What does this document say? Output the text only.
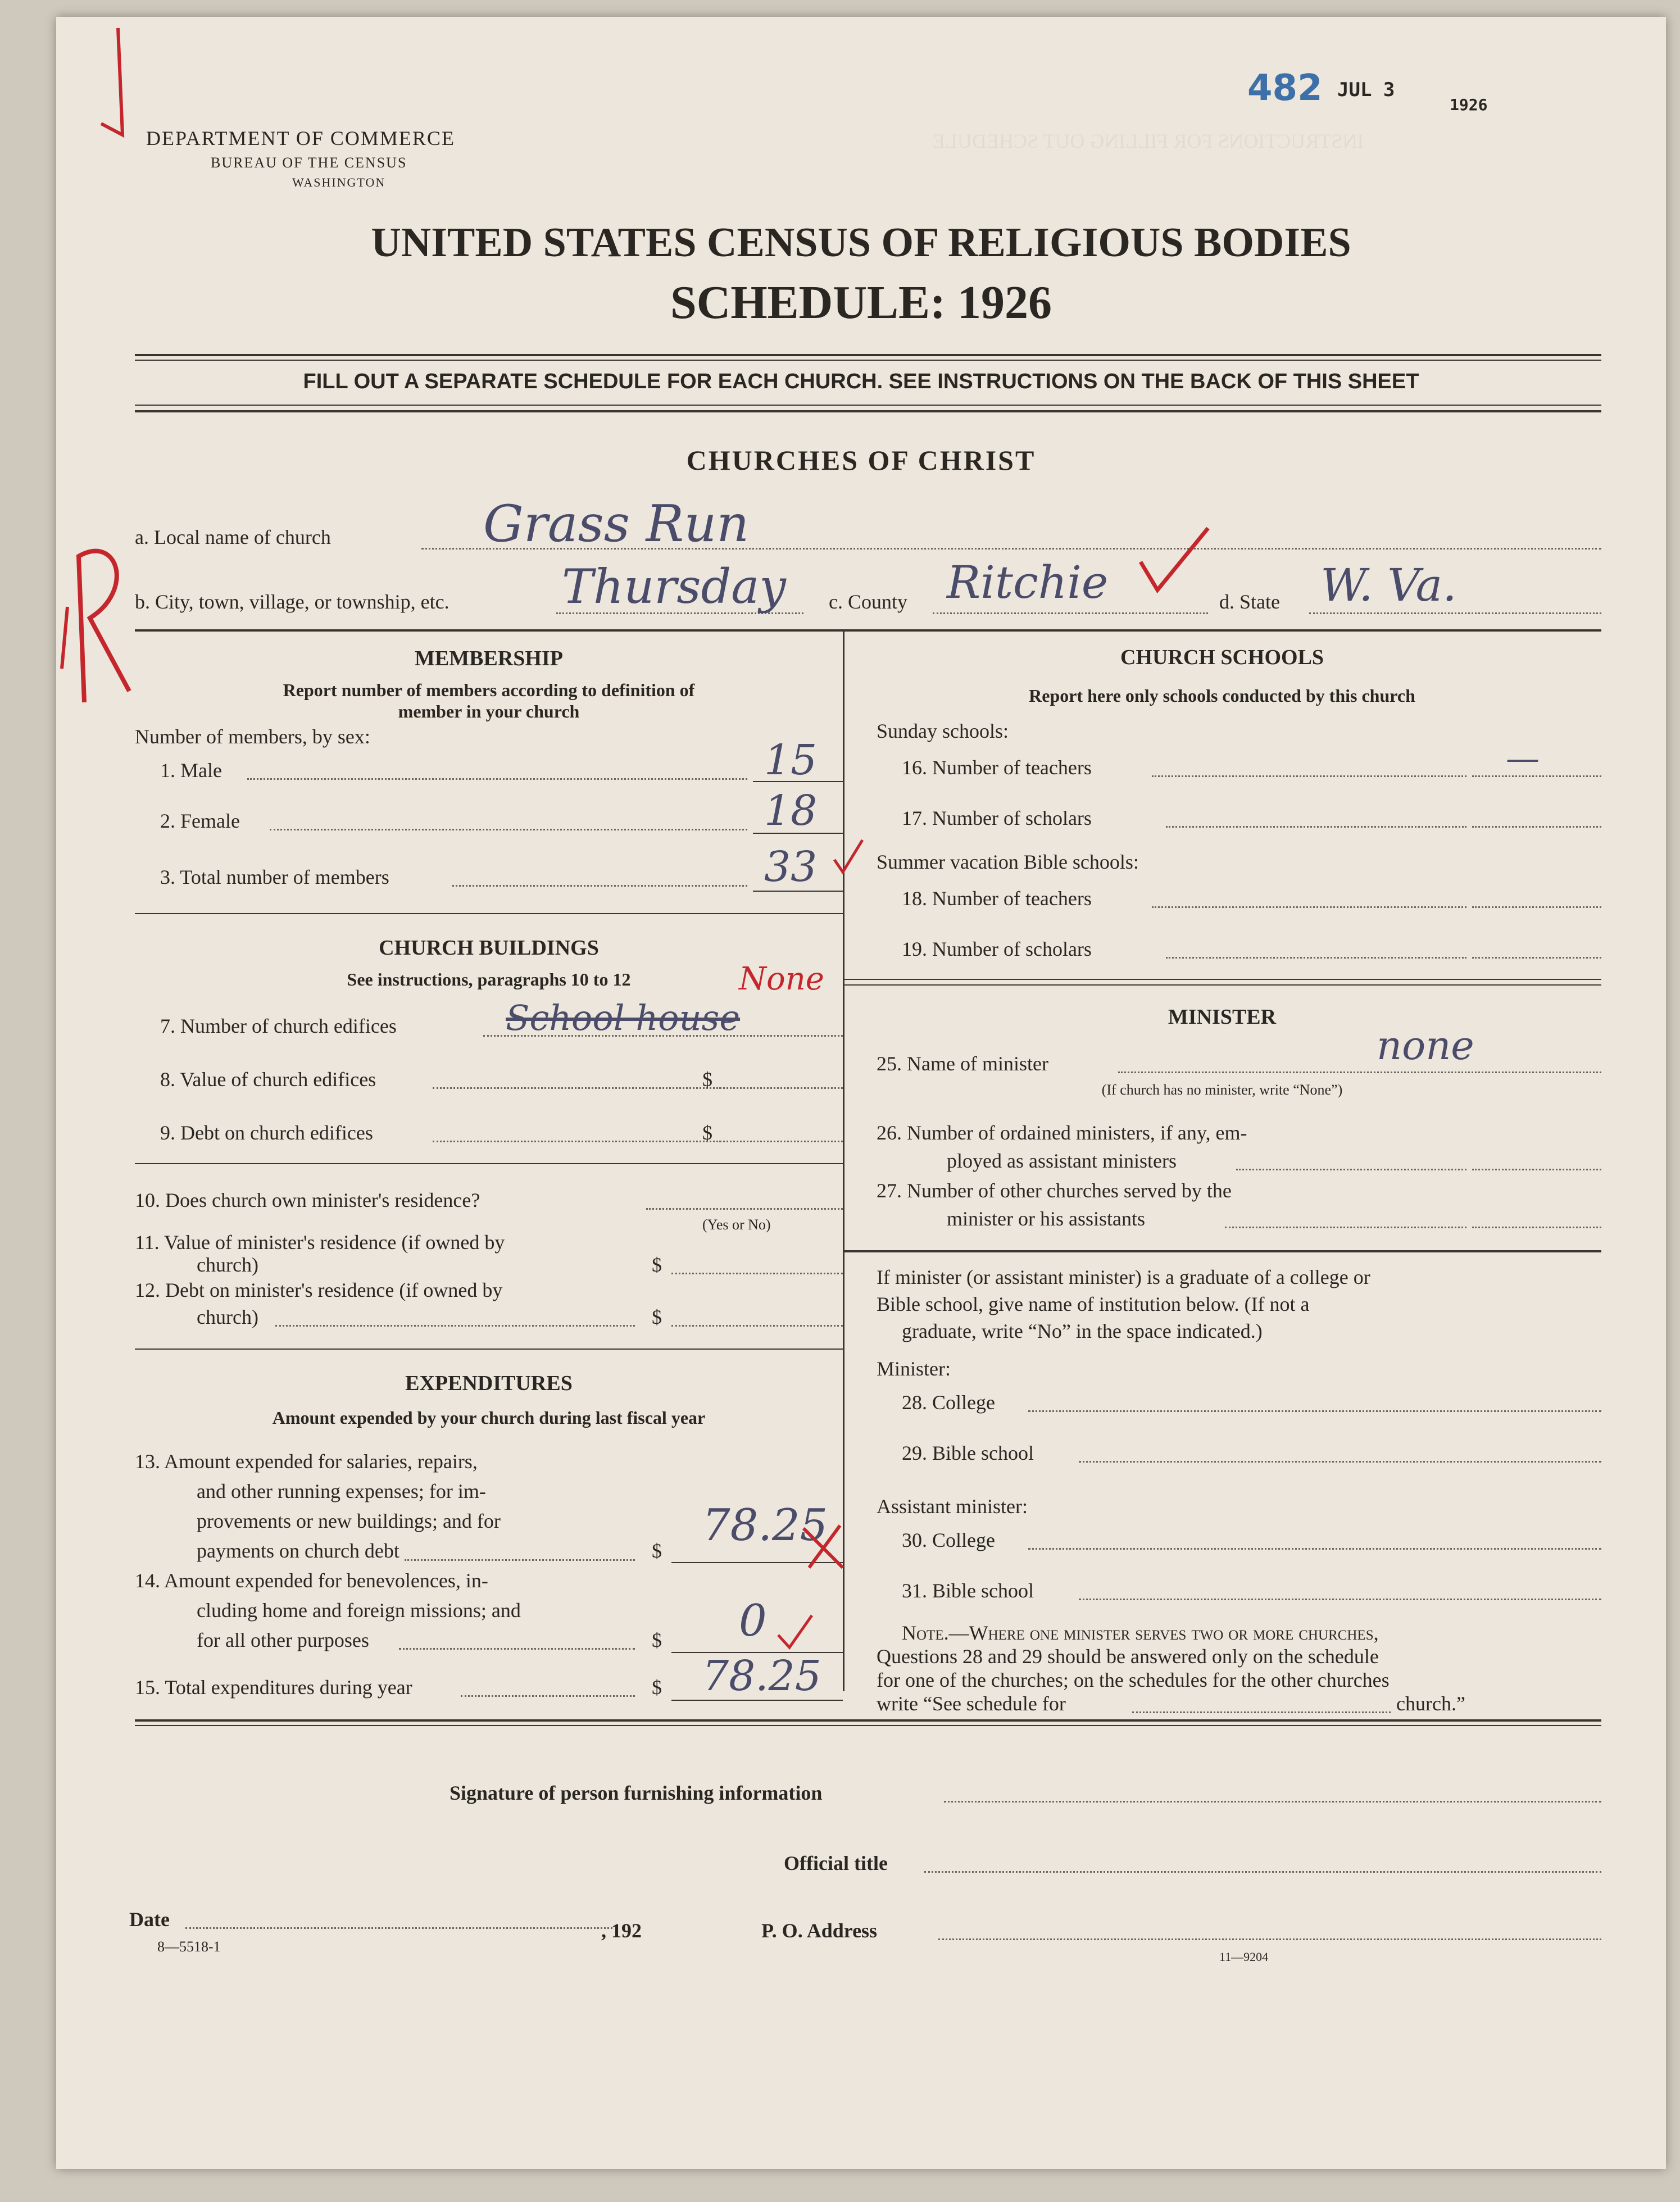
INSTRUCTIONS FOR FILLING OUT SCHEDULE
482 JUL 3
1926
DEPARTMENT OF COMMERCE
BUREAU OF THE CENSUS
WASHINGTON
UNITED STATES CENSUS OF RELIGIOUS BODIES
SCHEDULE: 1926
FILL OUT A SEPARATE SCHEDULE FOR EACH CHURCH. SEE INSTRUCTIONS ON THE BACK OF THIS SHEET
CHURCHES OF CHRIST
a. Local name of church	Grass Run
b. City, town, village, or township, etc. Thursday c. County Ritchie	d. State W. Va.
MEMBERSHIP
Report number of members according to definition of
member in your church
Number of members, by sex:
1. Male	15
2. Female	18
3. Total number of members	33
CHURCH BUILDINGS
See instructions, paragraphs 10 to 12
7. Number of church edifices	School house
None
8. Value of church edifices	$
9. Debt on church edifices	$
10. Does church own minister's residence?
(Yes or No)
11. Value of minister's residence (if owned by
church)	$
12. Debt on minister's residence (if owned by
church)	$
EXPENDITURES
Amount expended by your church during last fiscal year
13. Amount expended for salaries, repairs,
and other running expenses; for im-
provements or new buildings; and for
payments on church debt	$ 78.25
14. Amount expended for benevolences, in-
cluding home and foreign missions; and
for all other purposes	$ 0
15. Total expenditures during year	$ 78.25
CHURCH SCHOOLS
Report here only schools conducted by this church
Sunday schools:
16. Number of teachers	—
17. Number of scholars
Summer vacation Bible schools:
18. Number of teachers
19. Number of scholars
MINISTER
25. Name of minister	none
(If church has no minister, write “None”)
26. Number of ordained ministers, if any, em-
ployed as assistant ministers
27. Number of other churches served by the
minister or his assistants
If minister (or assistant minister) is a graduate of a college or
Bible school, give name of institution below. (If not a
graduate, write “No” in the space indicated.)
Minister:
28. College
29. Bible school
Assistant minister:
30. College
31. Bible school
Note.—Where one minister serves two or more churches,
Questions 28 and 29 should be answered only on the schedule
for one of the churches; on the schedules for the other churches
write “See schedule for	church.”
Signature of person furnishing information
Official title
Date	, 192
8—5518-1
P. O. Address
11—9204
